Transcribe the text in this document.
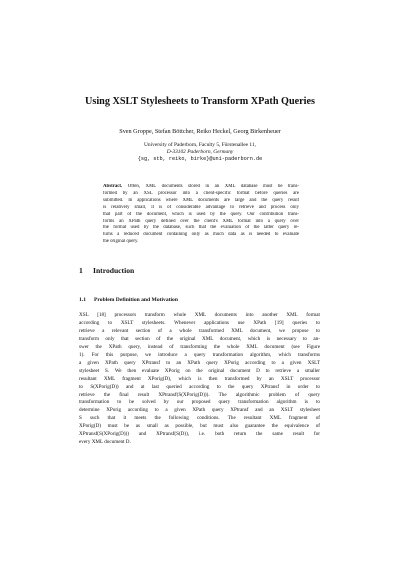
Using XSLT Stylesheets to Transform XPath Queries
Sven Groppe, Stefan Böttcher, Reiko Heckel, Georg Birkenheuer
University of Paderborn, Faculty 5, Fürstenallee 11,
D-33102 Paderborn, Germany
{sg, stb, reiko, birke}@uni-paderborn.de
Abstract. Often, XML documents stored in an XML database must be trans-
formed by an XSL processor into a client-specific format before queries are
submitted. In applications where XML documents are large and the query result
is relatively small, it is of considerable advantage to retrieve and process only
that part of the document, which is used by the query. Our contribution trans-
forms an XPath query defined over the client's XML format into a query over
the format used by the database, such that the evaluation of the latter query re-
turns a reduced document containing only as much data as is needed to evaluate
the original query.
1 Introduction
1.1 Problem Definition and Motivation
XSL [18] processors transform whole XML documents into another XML format
according to XSLT stylesheets. Whenever applications use XPath [19] queries to
retrieve a relevant section of a whole transformed XML document, we propose to
transform only that section of the original XML document, which is necessary to an-
swer the XPath query, instead of transforming the whole XML document (see Figure
1). For this purpose, we introduce a query transformation algorithm, which transforms
a given XPath query XPtransf to an XPath query XPorig according to a given XSLT
stylesheet S. We then evaluate XPorig on the original document D to retrieve a smaller
resultant XML fragment XPorig(D), which is then transformed by an XSLT processor
to S(XPorig(D)) and at last queried according to the query XPtransf in order to
retrieve the final result XPtransf(S(XPorig(D))). The algorithmic problem of query
transformation to be solved by our proposed query transformation algorithm is to
determine XPorig according to a given XPath query XPtransf and an XSLT stylesheet
S such that it meets the following conditions. The resultant XML fragment of
XPorig(D) must be as small as possible, but must also guarantee the equivalence of
XPtransf(S(XPorig(D))) and XPtransf(S(D)), i.e. both return the same result for
every XML document D.
